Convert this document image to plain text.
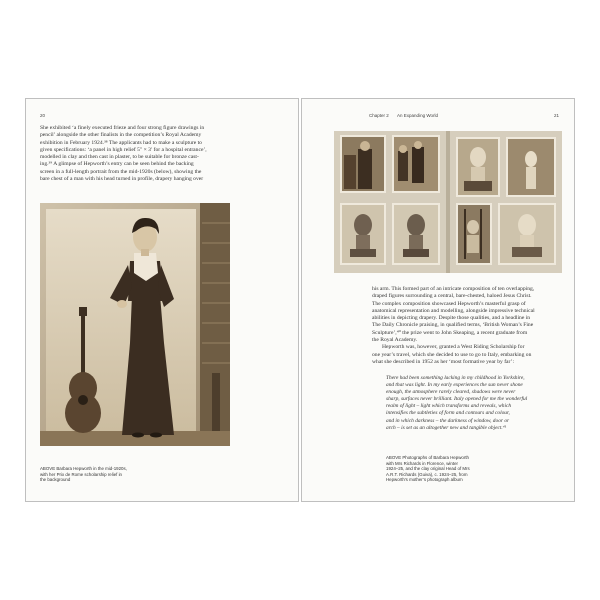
20
She exhibited ‘a finely executed frieze and four strong figure drawings in
pencil’ alongside the other finalists in the competition’s Royal Academy
exhibition in February 1924.³⁸ The applicants had to make a sculpture to
given specifications: ‘a panel in high relief 5″ × 3′ for a hospital entrance’,
modelled in clay and then cast in plaster, to be suitable for bronze cast-
ing.³⁹ A glimpse of Hepworth’s entry can be seen behind the backing
screen in a full-length portrait from the mid-1920s (below), showing the
bare chest of a man with his head turned in profile, drapery hanging over
ABOVE Barbara Hepworth in the mid-1920s,
with her Prix de Rome scholarship relief in
the background
Chapter 2 An Expanding World	21
his arm. This formed part of an intricate composition of ten overlapping,
draped figures surrounding a central, bare-chested, haloed Jesus Christ.
The complex composition showcased Hepworth’s masterful grasp of
anatomical representation and modelling, alongside impressive technical
abilities in depicting drapery. Despite those qualities, and a headline in
The Daily Chronicle praising, in qualified terms, ‘British Woman’s Fine
Sculpture’,⁴⁰ the prize went to John Skeaping, a recent graduate from
the Royal Academy.
Hepworth was, however, granted a West Riding Scholarship for
one year’s travel, which she decided to use to go to Italy, embarking on
what she described in 1952 as her ‘most formative year by far’:
There had been something lacking in my childhood in Yorkshire,
and that was light. In my early experiences the sun never shone
enough, the atmosphere rarely cleared, shadows were never
sharp, surfaces never brilliant. Italy opened for me the wonderful
realm of light – light which transforms and reveals, which
intensifies the subtleties of form and contours and colour,
and in which darkness – the darkness of window, door or
arch – is set as an altogether new and tangible object.⁴¹
ABOVE Photographs of Barbara Hepworth
with Mrs Richards in Florence, winter
1924–25, and the clay original Head of Mrs
A.R.T. Richards (Guiva), c. 1924–25, from
Hepworth’s mother’s photograph album
